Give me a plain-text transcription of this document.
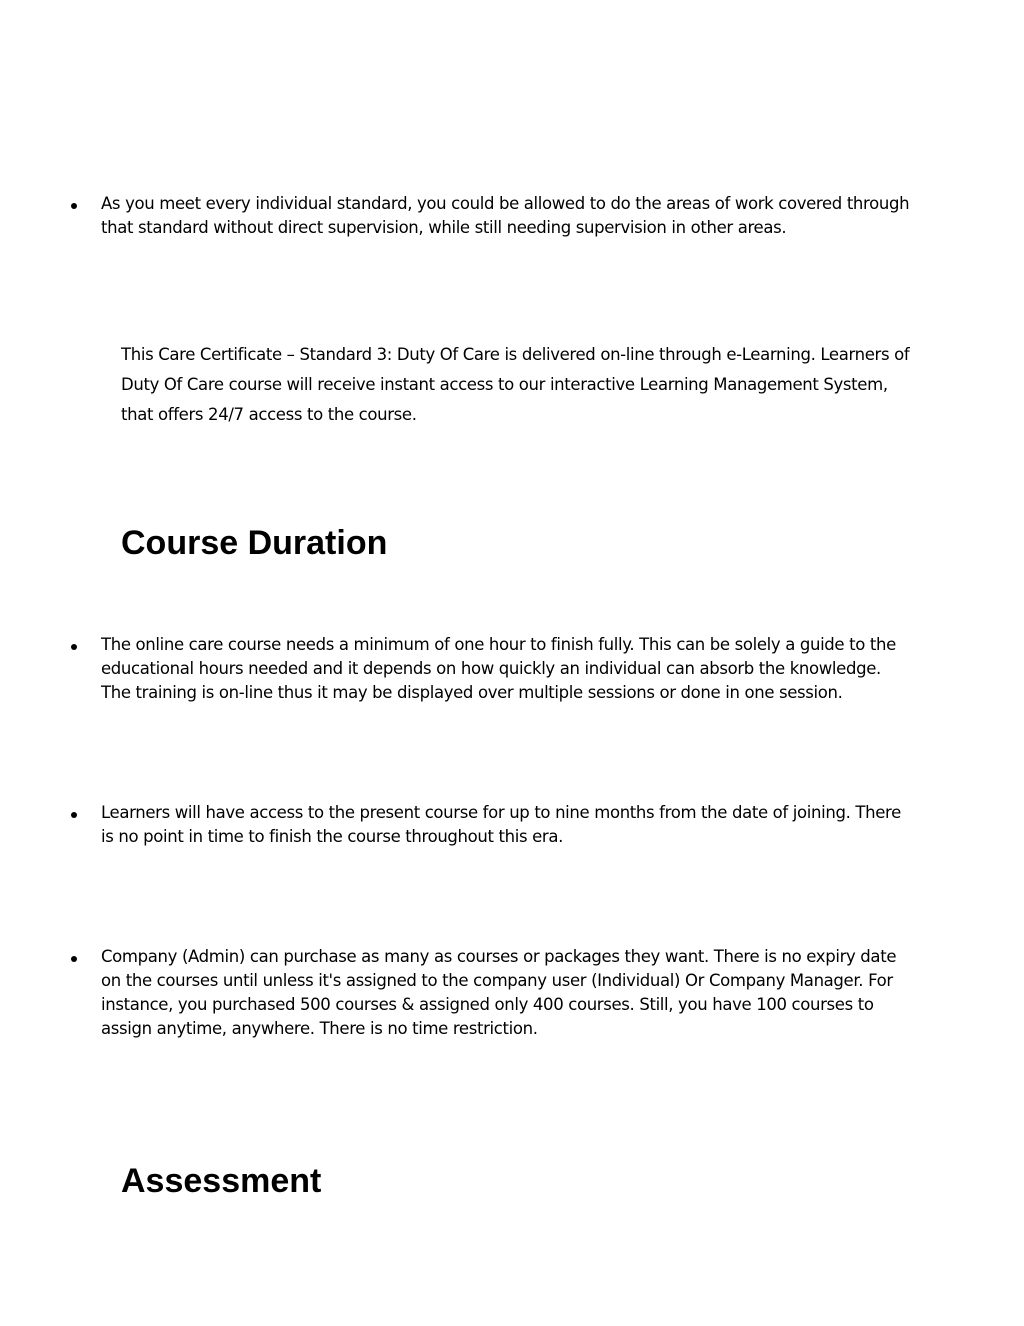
As you meet every individual standard, you could be allowed to do the areas of work covered through that standard without direct supervision, while still needing supervision in other areas.

This Care Certificate – Standard 3: Duty Of Care is delivered on-line through e-Learning. Learners of Duty Of Care course will receive instant access to our interactive Learning Management System, that offers 24/7 access to the course.

Course Duration

The online care course needs a minimum of one hour to finish fully. This can be solely a guide to the educational hours needed and it depends on how quickly an individual can absorb the knowledge. The training is on-line thus it may be displayed over multiple sessions or done in one session.

Learners will have access to the present course for up to nine months from the date of joining. There is no point in time to finish the course throughout this era.

Company (Admin) can purchase as many as courses or packages they want. There is no expiry date on the courses until unless it's assigned to the company user (Individual) Or Company Manager. For instance, you purchased 500 courses & assigned only 400 courses. Still, you have 100 courses to assign anytime, anywhere. There is no time restriction.

Assessment
